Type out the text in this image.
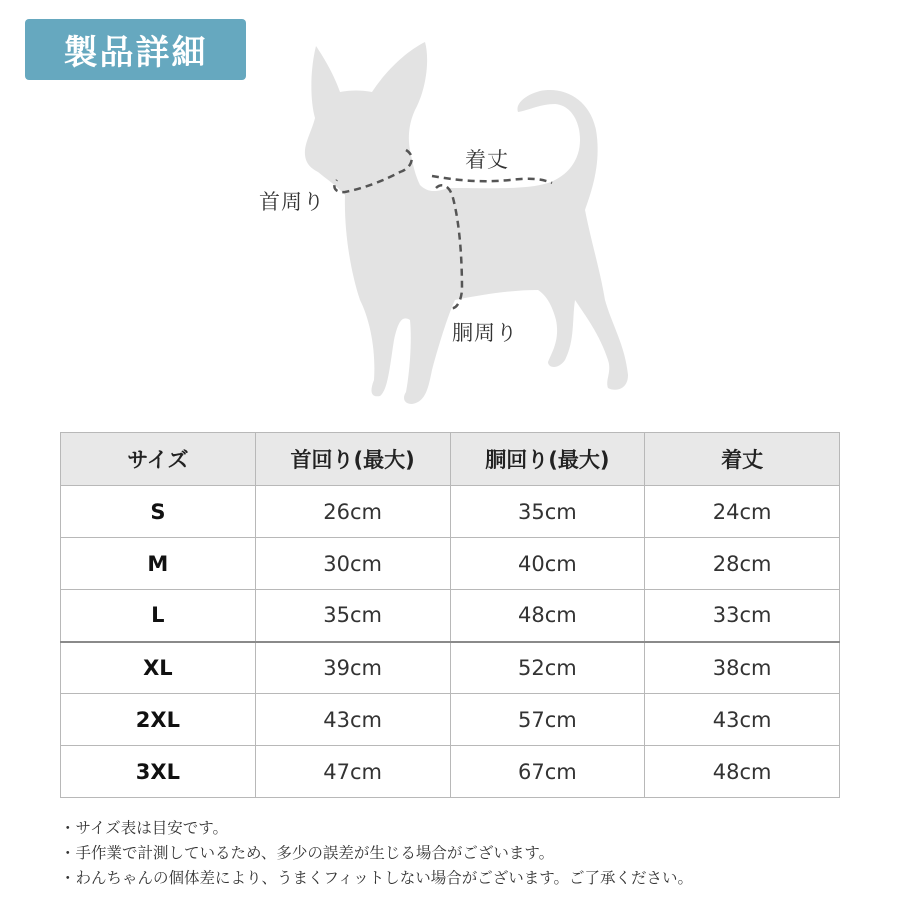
製品詳細
首周り
着丈
胴周り
サイズ	首回り(最大)	胴回り(最大)	着丈
S	26cm	35cm	24cm
M	30cm	40cm	28cm
L	35cm	48cm	33cm
XL	39cm	52cm	38cm
2XL	43cm	57cm	43cm
3XL	47cm	67cm	48cm
・サイズ表は目安です。
・手作業で計測しているため、多少の誤差が生じる場合がございます。
・わんちゃんの個体差により、うまくフィットしない場合がございます。ご了承ください。
